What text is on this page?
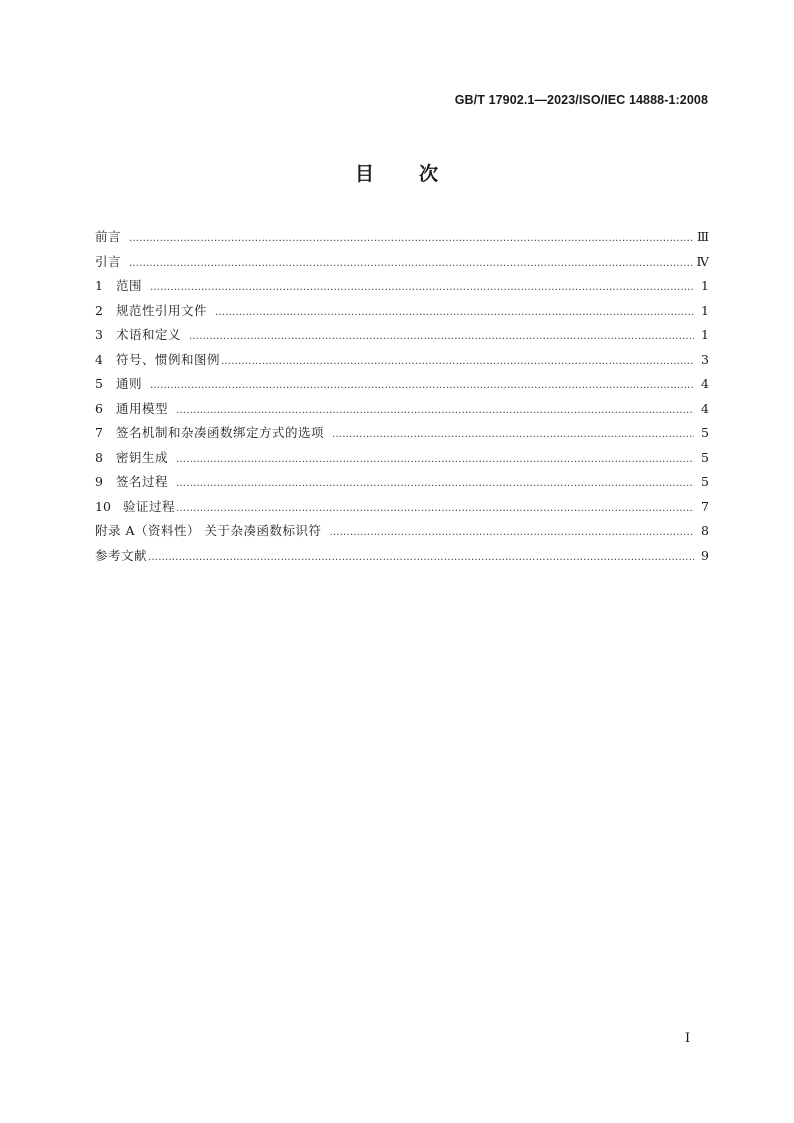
GB/T 17902.1—2023/ISO/IEC 14888-1:2008
目 次
前言 ……………………………………………………………………………………………………………………………………………………………………………………	Ⅲ
引言 ……………………………………………………………………………………………………………………………………………………………………………………	Ⅳ
1	范围 ……………………………………………………………………………………………………………………………………………………………………………………	1
2	规范性引用文件 ……………………………………………………………………………………………………………………………………………………………………………………	1
3	术语和定义 ……………………………………………………………………………………………………………………………………………………………………………………	1
4	符号、惯例和图例 ……………………………………………………………………………………………………………………………………………………………………………………	3
5	通则 ……………………………………………………………………………………………………………………………………………………………………………………	4
6	通用模型 ……………………………………………………………………………………………………………………………………………………………………………………	4
7	签名机制和杂凑函数绑定方式的选项 ……………………………………………………………………………………………………………………………………………………………………………………	5
8	密钥生成 ……………………………………………………………………………………………………………………………………………………………………………………	5
9	签名过程 ……………………………………………………………………………………………………………………………………………………………………………………	5
10 验证过程 ……………………………………………………………………………………………………………………………………………………………………………………	7
附录 A（资料性） 关于杂凑函数标识符 ……………………………………………………………………………………………………………………………………………………………………………………	8
参考文献 ……………………………………………………………………………………………………………………………………………………………………………………	9
I
